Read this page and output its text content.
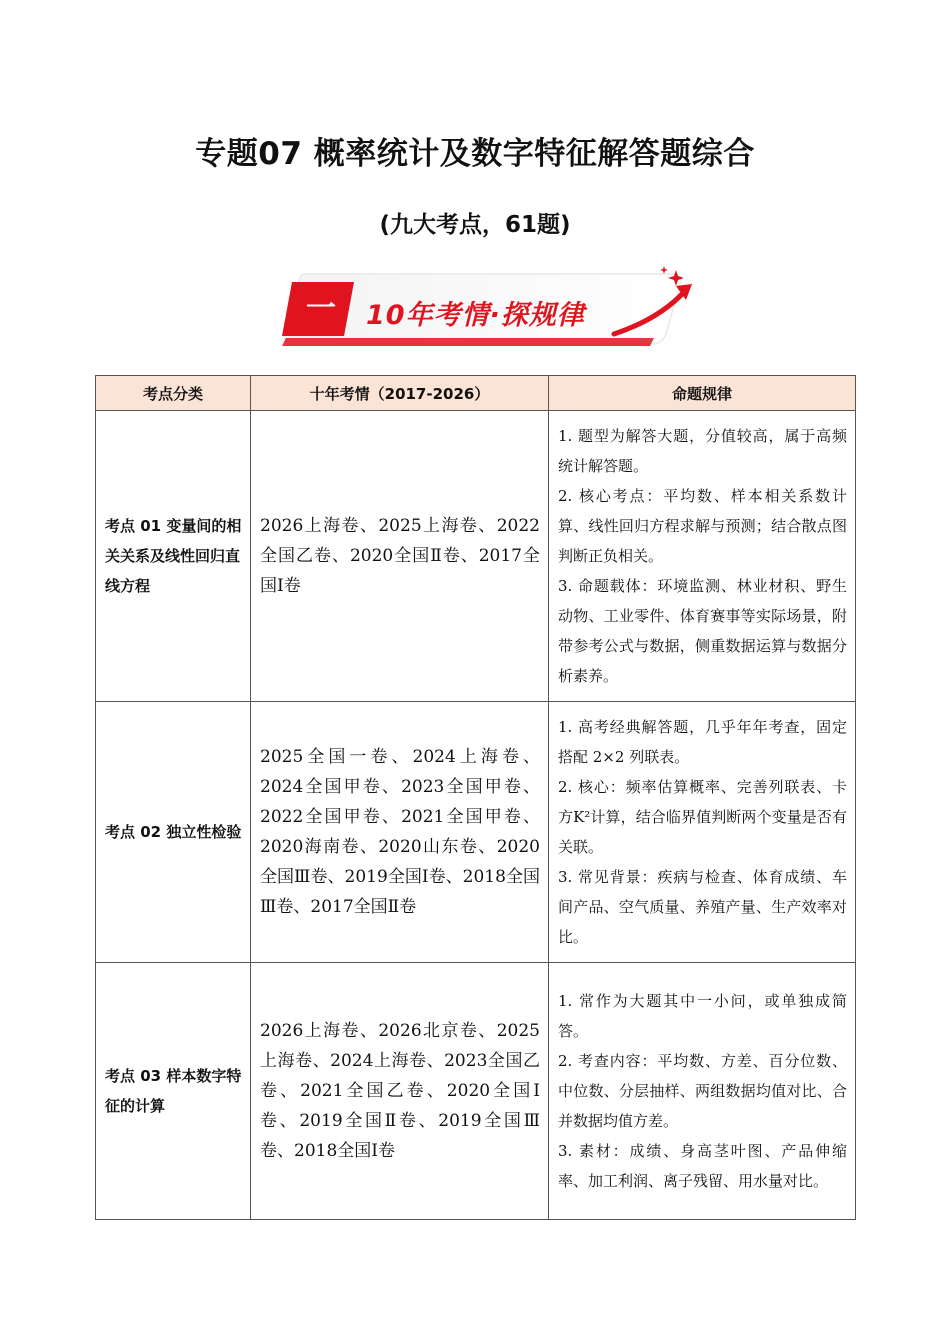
专题07 概率统计及数字特征解答题综合
(九大考点，61题)
一 10年考情·探规律
考点分类	十年考情（2017-2026）	命题规律
考点 01 变量间的相关关系及线性回归直线方程	2026上海卷、2025上海卷、2022全国乙卷、2020全国Ⅱ卷、2017全国Ⅰ卷	1. 题型为解答大题，分值较高，属于高频统计解答题。

2. 核心考点：平均数、样本相关系数计算、线性回归方程求解与预测；结合散点图判断正负相关。

3. 命题载体：环境监测、林业材积、野生动物、工业零件、体育赛事等实际场景，附带参考公式与数据，侧重数据运算与数据分析素养。

考点 02 独立性检验	2025全国一卷、2024上海卷、2024全国甲卷、2023全国甲卷、2022全国甲卷、2021全国甲卷、2020海南卷、2020山东卷、2020全国Ⅲ卷、2019全国Ⅰ卷、2018全国Ⅲ卷、2017全国Ⅱ卷	1. 高考经典解答题，几乎年年考查，固定搭配 2×2 列联表。

2. 核心：频率估算概率、完善列联表、卡方K²计算，结合临界值判断两个变量是否有关联。

3. 常见背景：疾病与检查、体育成绩、车间产品、空气质量、养殖产量、生产效率对比。

考点 03 样本数字特征的计算	2026上海卷、2026北京卷、2025上海卷、2024上海卷、2023全国乙卷、2021全国乙卷、2020全国Ⅰ卷、2019全国Ⅱ卷、2019全国Ⅲ卷、2018全国Ⅰ卷	1. 常作为大题其中一小问，或单独成简答。

2. 考查内容：平均数、方差、百分位数、中位数、分层抽样、两组数据均值对比、合并数据均值方差。

3. 素材：成绩、身高茎叶图、产品伸缩率、加工利润、离子残留、用水量对比。
